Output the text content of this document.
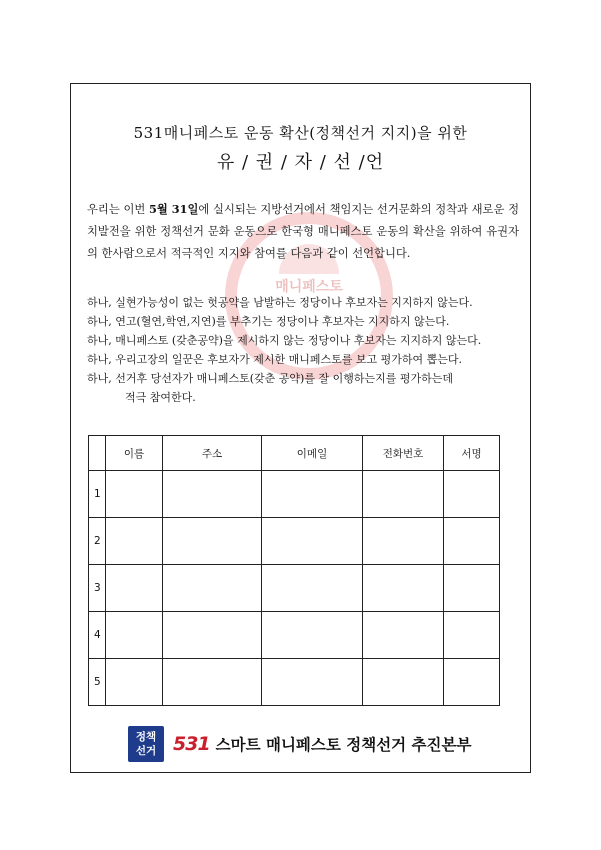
매니페스토
531매니페스토 운동 확산(정책선거 지지)을 위한
유 / 권 / 자 / 선 /언
우리는 이번 5월 31일에 실시되는 지방선거에서 책임지는 선거문화의 정착과 새로운 정치발전을 위한 정책선거 문화 운동으로 한국형 매니페스토 운동의 확산을 위하여 유권자의 한사람으로서 적극적인 지지와 참여를 다음과 같이 선언합니다.
하나, 실현가능성이 없는 헛공약을 남발하는 정당이나 후보자는 지지하지 않는다.
하나, 연고(혈연,학연,지연)를 부추기는 정당이나 후보자는 지지하지 않는다.
하나, 매니페스토 (갖춘공약)을 제시하지 않는 정당이나 후보자는 지지하지 않는다.
하나, 우리고장의 일꾼은 후보자가 제시한 매니페스토를 보고 평가하여 뽑는다.
하나, 선거후 당선자가 매니페스토(갖춘 공약)를 잘 이행하는지를 평가하는데
적극 참여한다.
	이름	주소	이메일	전화번호	서명
1					
2					
3					
4					
5					
정책
선거 531 스마트 매니페스토 정책선거 추진본부
